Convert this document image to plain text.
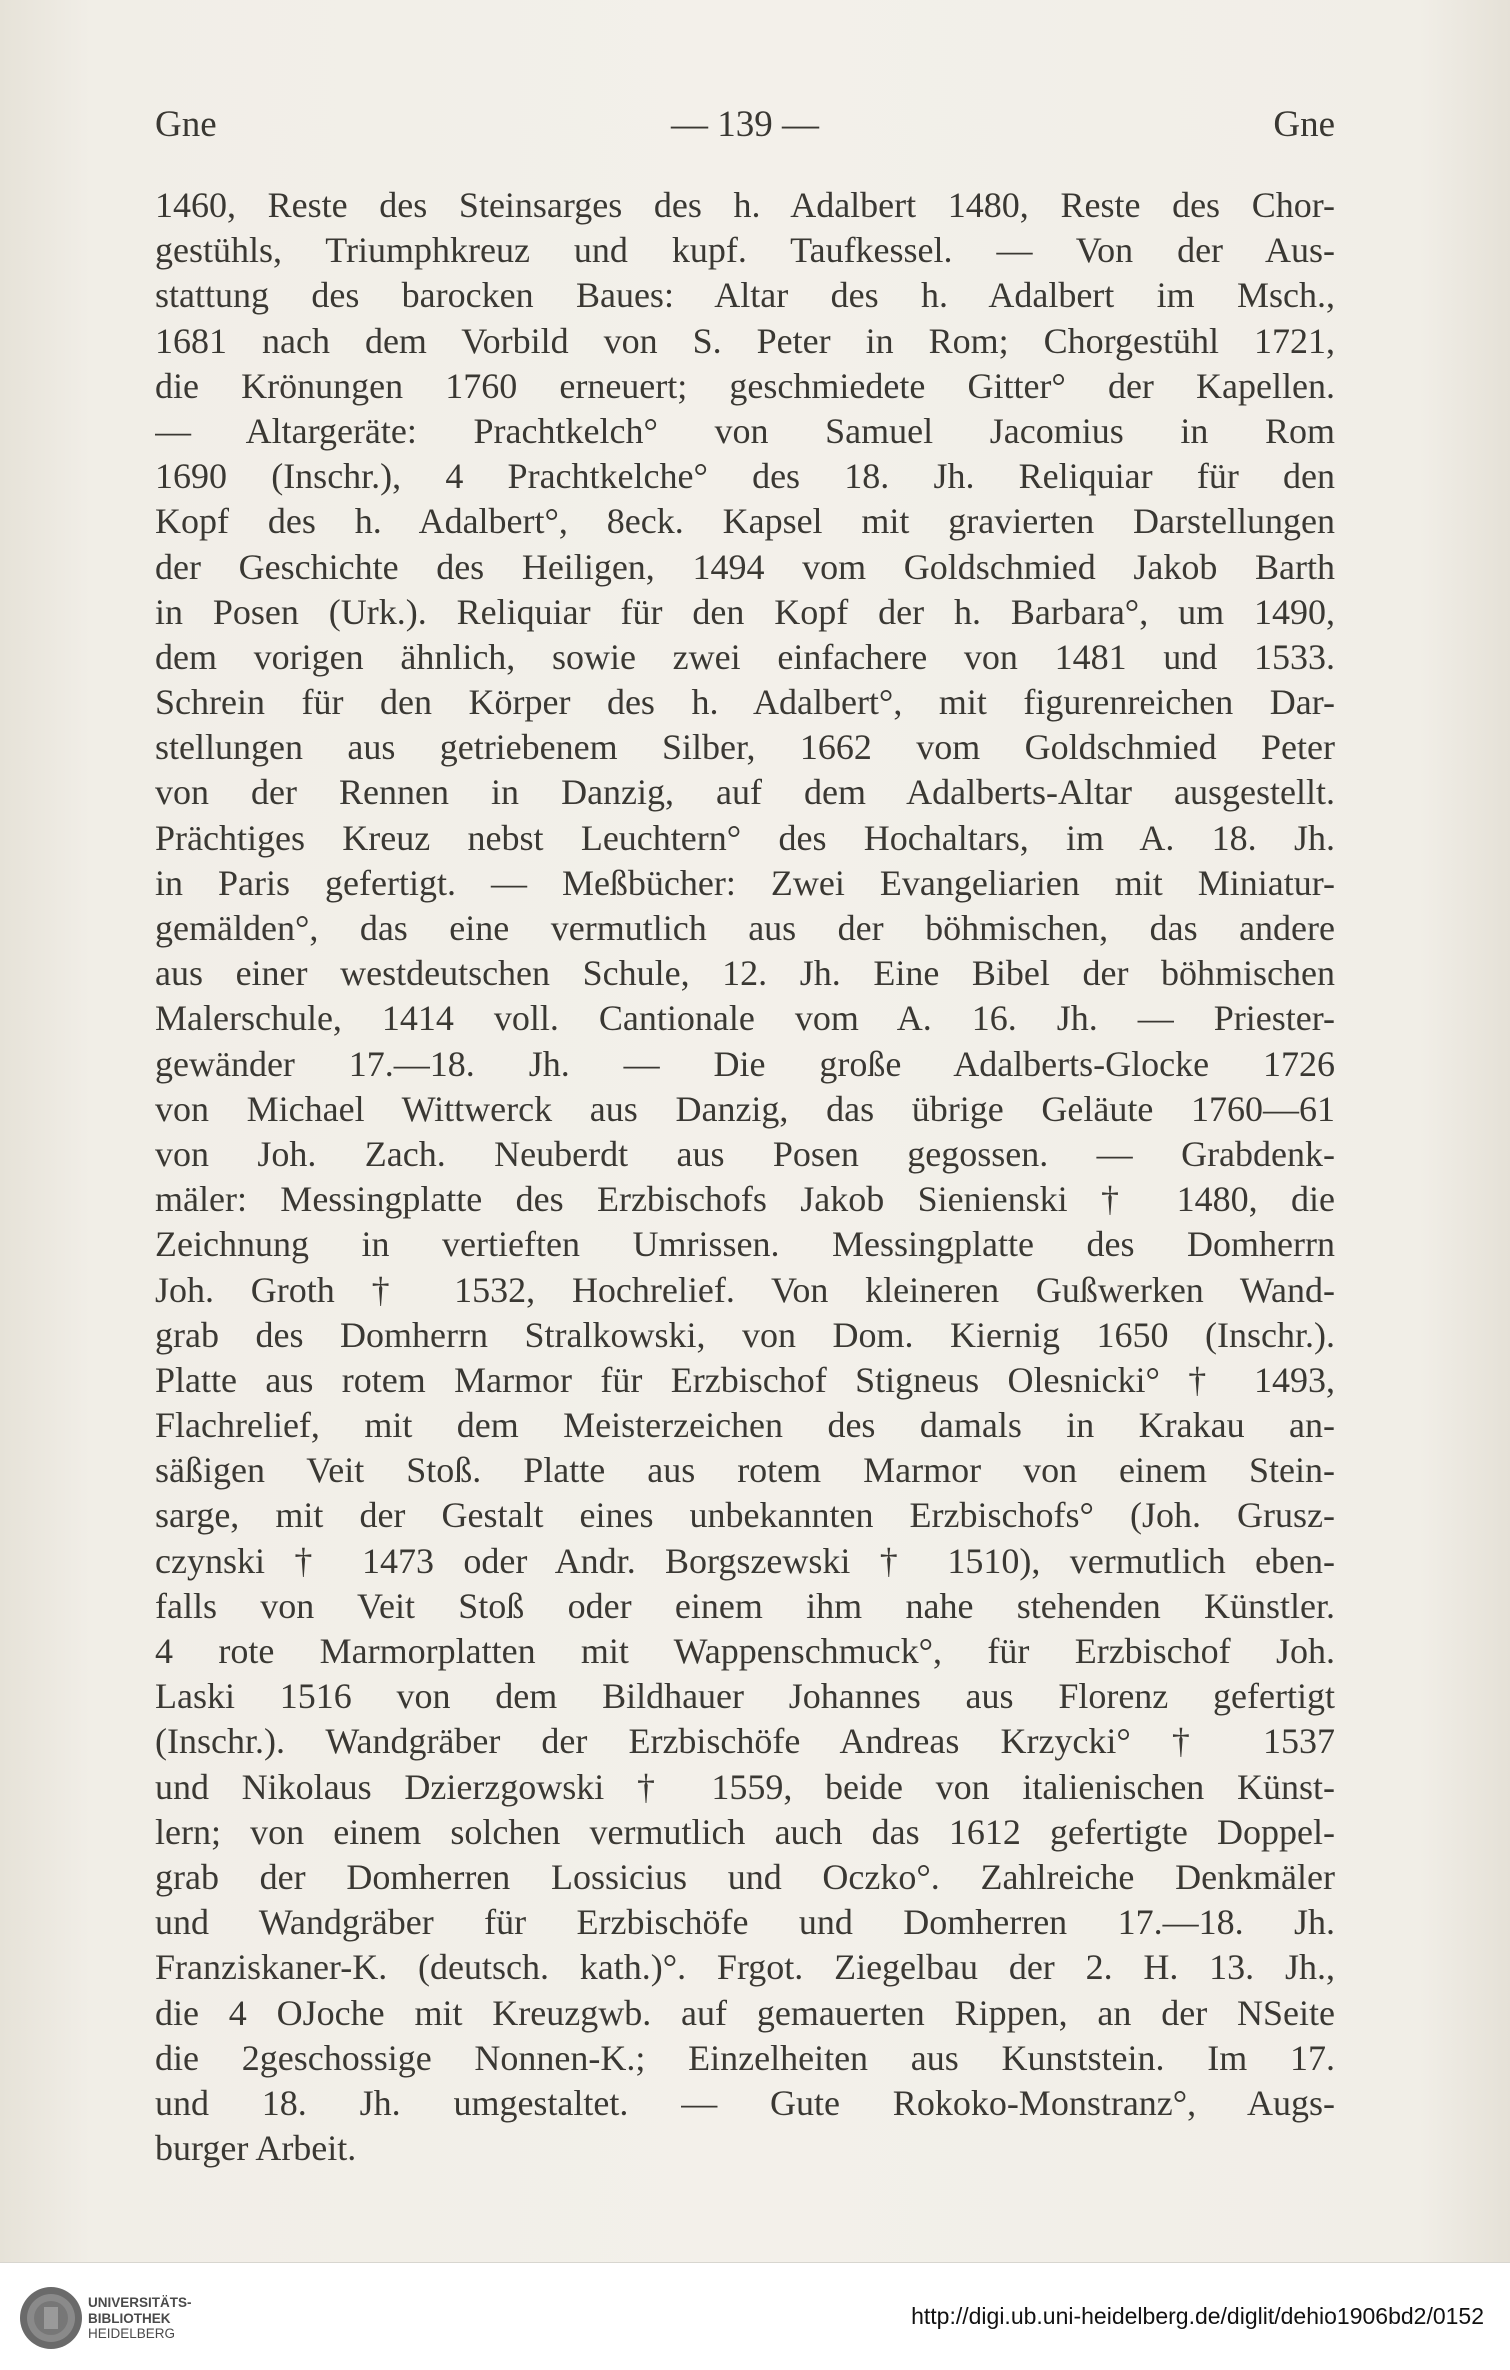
Gne	— 139 —	Gne
1460, Reste des Steinsarges des h. Adalbert 1480, Reste des Chor-
gestühls, Triumphkreuz und kupf. Taufkessel. — Von der Aus-
stattung des barocken Baues: Altar des h. Adalbert im Msch.,
1681 nach dem Vorbild von S. Peter in Rom; Chorgestühl 1721,
die Krönungen 1760 erneuert; geschmiedete Gitter° der Kapellen.
— Altargeräte: Prachtkelch° von Samuel Jacomius in Rom
1690 (Inschr.), 4 Prachtkelche° des 18. Jh. Reliquiar für den
Kopf des h. Adalbert°, 8eck. Kapsel mit gravierten Darstellungen
der Geschichte des Heiligen, 1494 vom Goldschmied Jakob Barth
in Posen (Urk.). Reliquiar für den Kopf der h. Barbara°, um 1490,
dem vorigen ähnlich, sowie zwei einfachere von 1481 und 1533.
Schrein für den Körper des h. Adalbert°, mit figurenreichen Dar-
stellungen aus getriebenem Silber, 1662 vom Goldschmied Peter
von der Rennen in Danzig, auf dem Adalberts-Altar ausgestellt.
Prächtiges Kreuz nebst Leuchtern° des Hochaltars, im A. 18. Jh.
in Paris gefertigt. — Meßbücher: Zwei Evangeliarien mit Miniatur-
gemälden°, das eine vermutlich aus der böhmischen, das andere
aus einer westdeutschen Schule, 12. Jh. Eine Bibel der böhmischen
Malerschule, 1414 voll. Cantionale vom A. 16. Jh. — Priester-
gewänder 17.—18. Jh. — Die große Adalberts-Glocke 1726
von Michael Wittwerck aus Danzig, das übrige Geläute 1760—61
von Joh. Zach. Neuberdt aus Posen gegossen. — Grabdenk-
mäler: Messingplatte des Erzbischofs Jakob Sienienski † 1480, die
Zeichnung in vertieften Umrissen. Messingplatte des Domherrn
Joh. Groth † 1532, Hochrelief. Von kleineren Gußwerken Wand-
grab des Domherrn Stralkowski, von Dom. Kiernig 1650 (Inschr.).
Platte aus rotem Marmor für Erzbischof Stigneus Olesnicki° † 1493,
Flachrelief, mit dem Meisterzeichen des damals in Krakau an-
säßigen Veit Stoß. Platte aus rotem Marmor von einem Stein-
sarge, mit der Gestalt eines unbekannten Erzbischofs° (Joh. Grusz-
czynski † 1473 oder Andr. Borgszewski † 1510), vermutlich eben-
falls von Veit Stoß oder einem ihm nahe stehenden Künstler.
4 rote Marmorplatten mit Wappenschmuck°, für Erzbischof Joh.
Laski 1516 von dem Bildhauer Johannes aus Florenz gefertigt
(Inschr.). Wandgräber der Erzbischöfe Andreas Krzycki° † 1537
und Nikolaus Dzierzgowski † 1559, beide von italienischen Künst-
lern; von einem solchen vermutlich auch das 1612 gefertigte Doppel-
grab der Domherren Lossicius und Oczko°. Zahlreiche Denkmäler
und Wandgräber für Erzbischöfe und Domherren 17.—18. Jh.
Franziskaner-K. (deutsch. kath.)°. Frgot. Ziegelbau der 2. H. 13. Jh.,
die 4 OJoche mit Kreuzgwb. auf gemauerten Rippen, an der NSeite
die 2geschossige Nonnen-K.; Einzelheiten aus Kunststein. Im 17.
und 18. Jh. umgestaltet. — Gute Rokoko-Monstranz°, Augs-
burger Arbeit.
UNIVERSITÄTS-
BIBLIOTHEK
HEIDELBERG
http://digi.ub.uni-heidelberg.de/diglit/dehio1906bd2/0152
